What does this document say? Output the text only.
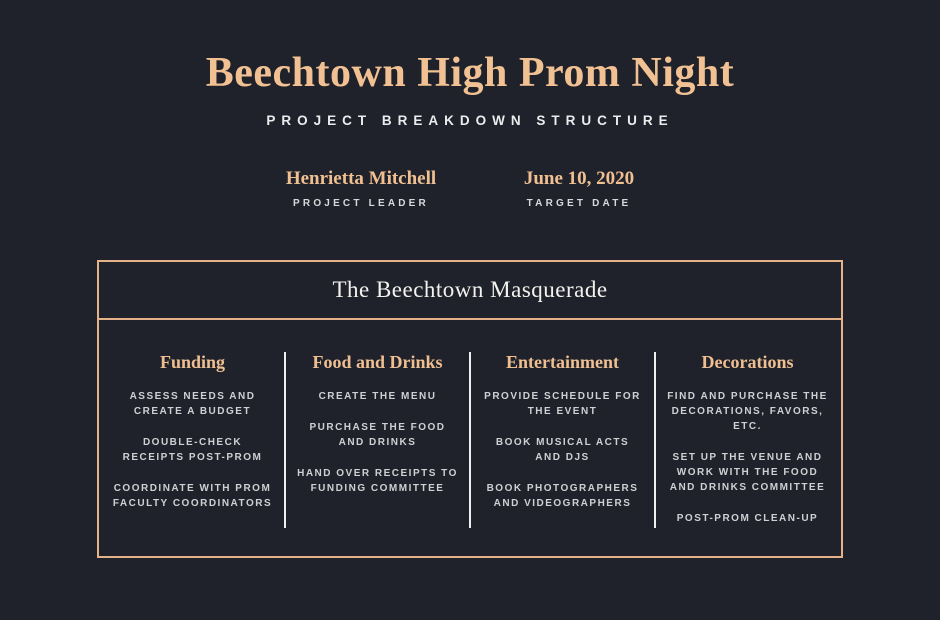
Beechtown High Prom Night
PROJECT BREAKDOWN STRUCTURE
Henrietta Mitchell
PROJECT LEADER
June 10, 2020
TARGET DATE
The Beechtown Masquerade
Funding
ASSESS NEEDS AND CREATE A BUDGET
DOUBLE-CHECK RECEIPTS POST-PROM
COORDINATE WITH PROM FACULTY COORDINATORS
Food and Drinks
CREATE THE MENU
PURCHASE THE FOOD AND DRINKS
HAND OVER RECEIPTS TO FUNDING COMMITTEE
Entertainment
PROVIDE SCHEDULE FOR THE EVENT
BOOK MUSICAL ACTS AND DJS
BOOK PHOTOGRAPHERS AND VIDEOGRAPHERS
Decorations
FIND AND PURCHASE THE DECORATIONS, FAVORS, ETC.
SET UP THE VENUE AND WORK WITH THE FOOD AND DRINKS COMMITTEE
POST-PROM CLEAN-UP
